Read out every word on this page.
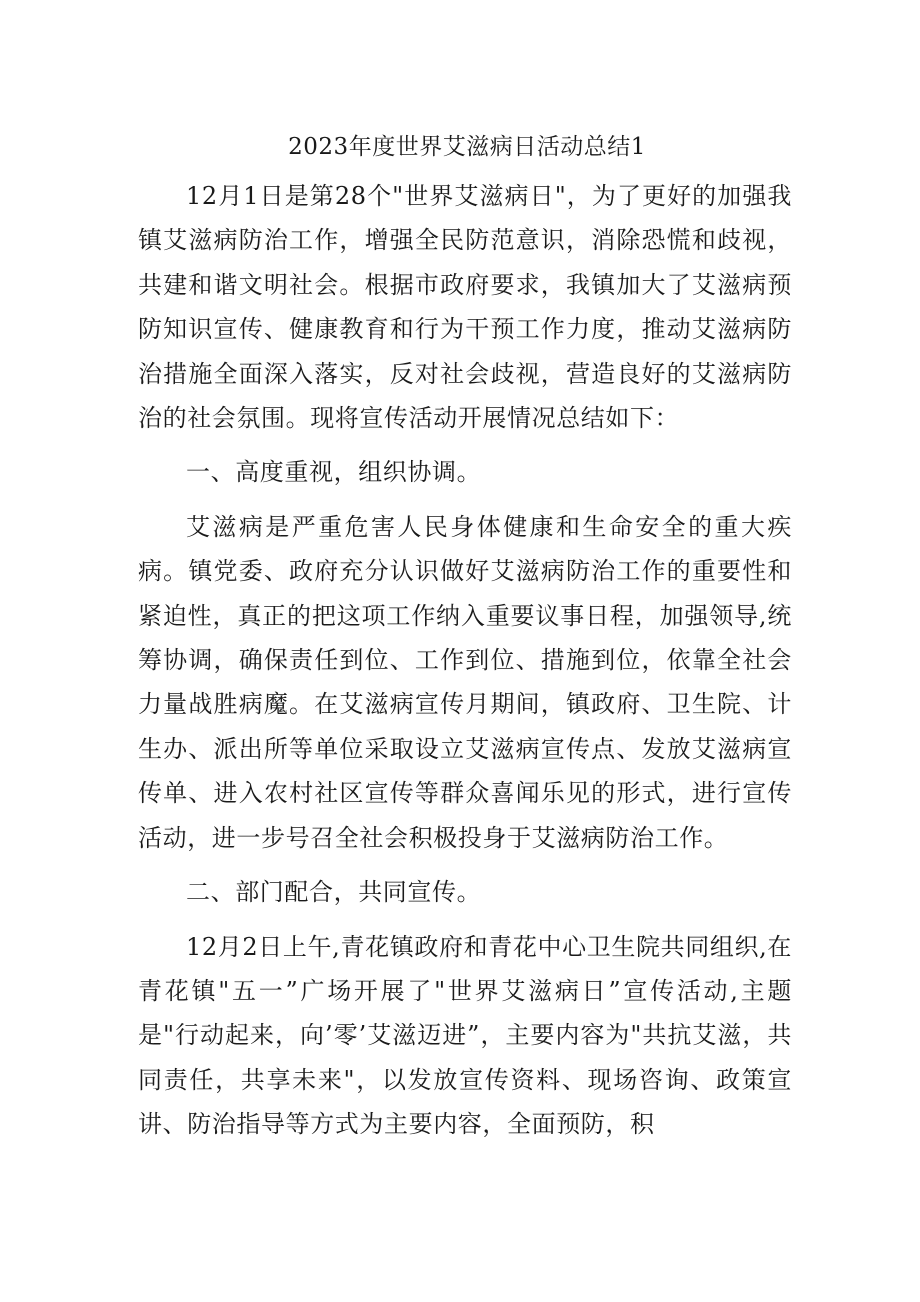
2023年度世界艾滋病日活动总结1

12月1日是第28个"世界艾滋病日"，为了更好的加强我镇艾滋病防治工作，增强全民防范意识，消除恐慌和歧视，共建和谐文明社会。根据市政府要求，我镇加大了艾滋病预防知识宣传、健康教育和行为干预工作力度，推动艾滋病防治措施全面深入落实，反对社会歧视，营造良好的艾滋病防治的社会氛围。现将宣传活动开展情况总结如下：

一、高度重视，组织协调。

艾滋病是严重危害人民身体健康和生命安全的重大疾病。镇党委、政府充分认识做好艾滋病防治工作的重要性和紧迫性，真正的把这项工作纳入重要议事日程，加强领导,统筹协调，确保责任到位、工作到位、措施到位，依靠全社会力量战胜病魔。在艾滋病宣传月期间，镇政府、卫生院、计生办、派出所等单位采取设立艾滋病宣传点、发放艾滋病宣传单、进入农村社区宣传等群众喜闻乐见的形式，进行宣传活动，进一步号召全社会积极投身于艾滋病防治工作。

二、部门配合，共同宣传。

12月2日上午,青花镇政府和青花中心卫生院共同组织,在青花镇"五一”广场开展了"世界艾滋病日”宣传活动,主题是"行动起来，向’零’艾滋迈进”，主要内容为"共抗艾滋，共同责任，共享未来"，以发放宣传资料、现场咨询、政策宣讲、防治指导等方式为主要内容，全面预防，积
